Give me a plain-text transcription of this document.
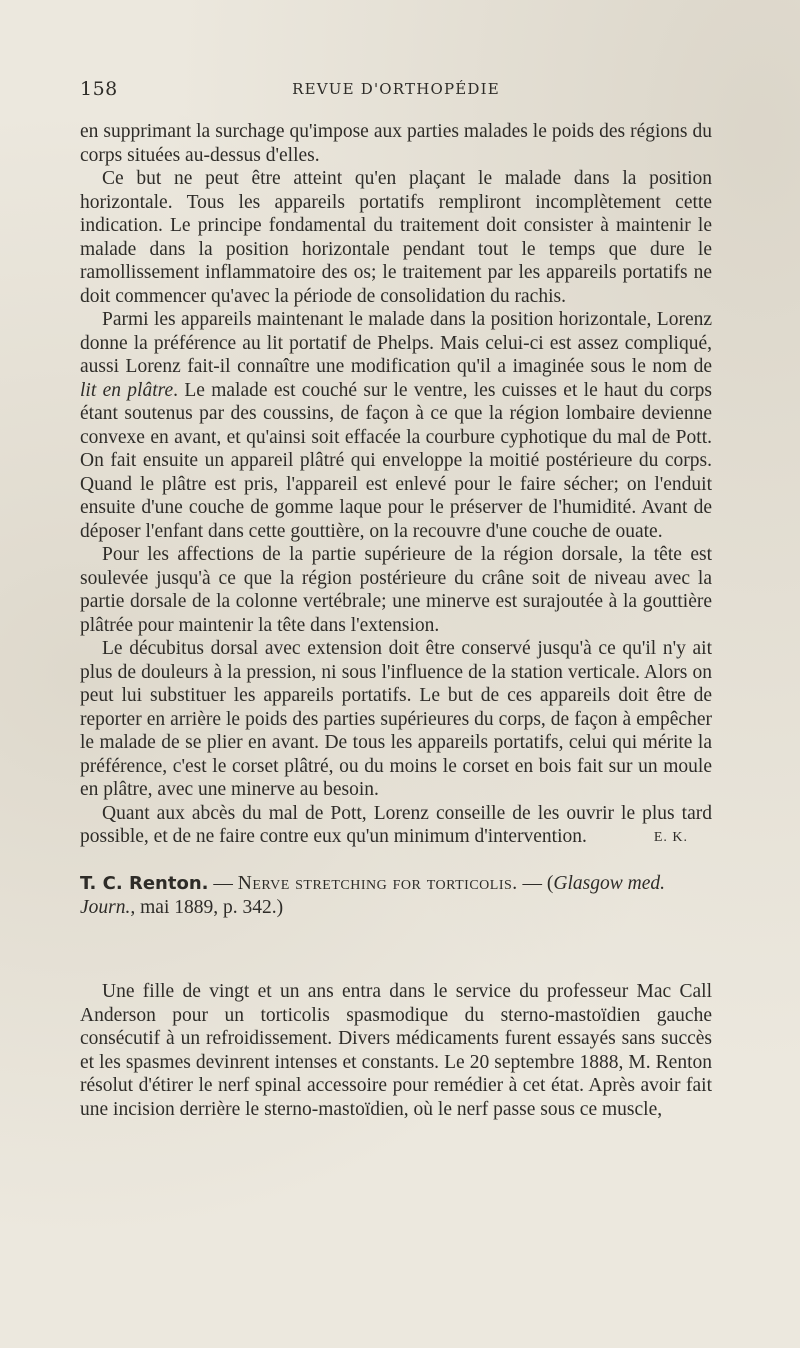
158	REVUE D'ORTHOPÉDIE

en supprimant la surchage qu'impose aux parties malades le poids des régions du corps situées au-dessus d'elles.

Ce but ne peut être atteint qu'en plaçant le malade dans la position horizontale. Tous les appareils portatifs rempliront incomplètement cette indication. Le principe fondamental du traitement doit consister à maintenir le malade dans la position horizontale pendant tout le temps que dure le ramollissement inflammatoire des os; le traitement par les appareils portatifs ne doit commencer qu'avec la période de consolidation du rachis.

Parmi les appareils maintenant le malade dans la position horizontale, Lorenz donne la préférence au lit portatif de Phelps. Mais celui-ci est assez compliqué, aussi Lorenz fait-il connaître une modification qu'il a imaginée sous le nom de lit en plâtre. Le malade est couché sur le ventre, les cuisses et le haut du corps étant soutenus par des coussins, de façon à ce que la région lombaire devienne convexe en avant, et qu'ainsi soit effacée la courbure cyphotique du mal de Pott. On fait ensuite un appareil plâtré qui enveloppe la moitié postérieure du corps. Quand le plâtre est pris, l'appareil est enlevé pour le faire sécher; on l'enduit ensuite d'une couche de gomme laque pour le préserver de l'humidité. Avant de déposer l'enfant dans cette gouttière, on la recouvre d'une couche de ouate.

Pour les affections de la partie supérieure de la région dorsale, la tête est soulevée jusqu'à ce que la région postérieure du crâne soit de niveau avec la partie dorsale de la colonne vertébrale; une minerve est surajoutée à la gouttière plâtrée pour maintenir la tête dans l'extension.

Le décubitus dorsal avec extension doit être conservé jusqu'à ce qu'il n'y ait plus de douleurs à la pression, ni sous l'influence de la station verticale. Alors on peut lui substituer les appareils portatifs. Le but de ces appareils doit être de reporter en arrière le poids des parties supérieures du corps, de façon à empêcher le malade de se plier en avant. De tous les appareils portatifs, celui qui mérite la préférence, c'est le corset plâtré, ou du moins le corset en bois fait sur un moule en plâtre, avec une minerve au besoin.

Quant aux abcès du mal de Pott, Lorenz conseille de les ouvrir le plus tard possible, et de ne faire contre eux qu'un minimum d'intervention.	E. K.
T. C. Renton. — Nerve stretching for torticolis. — (Glasgow med. Journ., mai 1889, p. 342.)

Une fille de vingt et un ans entra dans le service du professeur Mac Call Anderson pour un torticolis spasmodique du sterno-mastoïdien gauche consécutif à un refroidissement. Divers médicaments furent essayés sans succès et les spasmes devinrent intenses et constants. Le 20 septembre 1888, M. Renton résolut d'étirer le nerf spinal accessoire pour remédier à cet état. Après avoir fait une incision derrière le sterno-mastoïdien, où le nerf passe sous ce muscle,
